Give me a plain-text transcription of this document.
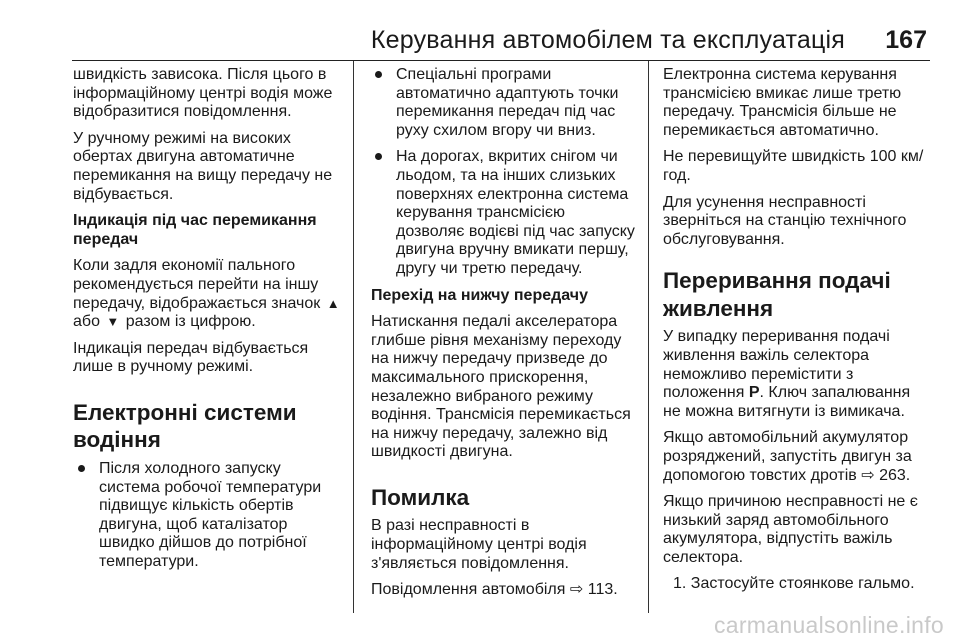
Керування автомобілем та експлуатація 167

швидкість зависока. Після цього в інформаційному центрі водія може відобразитися повідомлення.

У ручному режимі на високих обертах двигуна автоматичне перемикання на вищу передачу не відбувається.

Індикація під час перемикання передач

Коли задля економії пального рекомендується перейти на іншу передачу, відображається значок ▲ або ▼ разом із цифрою.

Індикація передач відбувається лише в ручному режимі.

Електронні системи водіння
Після холодного запуску система робочої температури підвищує кількість обертів двигуна, щоб каталізатор швидко дійшов до потрібної температури.
Спеціальні програми автоматично адаптують точки перемикання передач під час руху схилом вгору чи вниз.
На дорогах, вкритих снігом чи льодом, та на інших слизьких поверхнях електронна система керування трансмісією дозволяє водієві під час запуску двигуна вручну вмикати першу, другу чи третю передачу.
Перехід на нижчу передачу

Натискання педалі акселератора глибше рівня механізму переходу на нижчу передачу призведе до максимального прискорення, незалежно вибраного режиму водіння. Трансмісія перемикається на нижчу передачу, залежно від швидкості двигуна.

Помилка

В разі несправності в інформаційному центрі водія з'являється повідомлення.

Повідомлення автомобіля ⇨ 113.

Електронна система керування трансмісією вмикає лише третю передачу. Трансмісія більше не перемикається автоматично.

Не перевищуйте швидкість 100 км/год.

Для усунення несправності зверніться на станцію технічного обслуговування.

Переривання подачі живлення

У випадку переривання подачі живлення важіль селектора неможливо перемістити з положення P. Ключ запалювання не можна витягнути із вимикача.

Якщо автомобільний акумулятор розряджений, запустіть двигун за допомогою товстих дротів ⇨ 263.

Якщо причиною несправності не є низький заряд автомобільного акумулятора, відпустіть важіль селектора.

1. Застосуйте стоянкове гальмо.
carmanualsonline.info
